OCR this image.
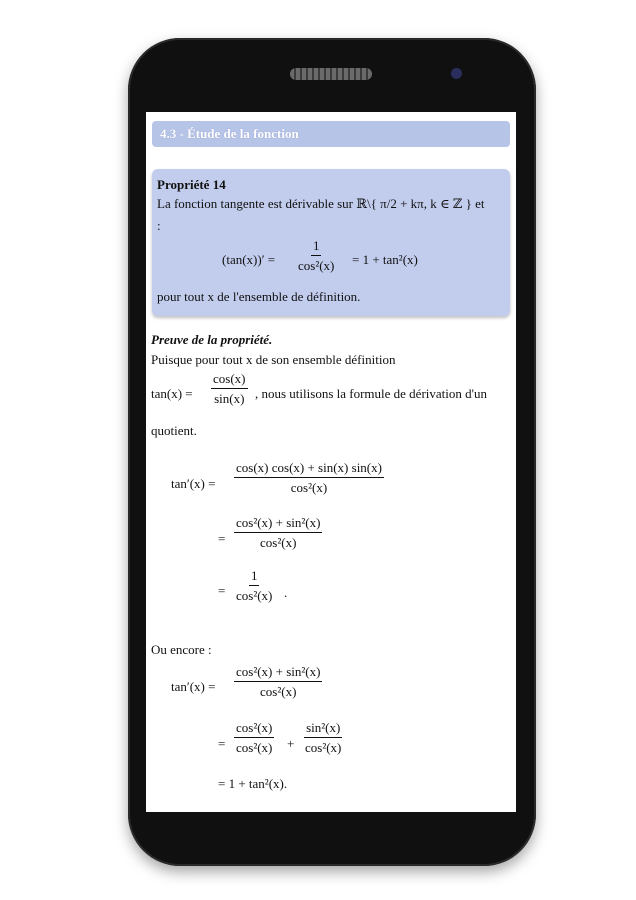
4.3 - Étude de la fonction
Propriété 14
La fonction tangente est dérivable sur ℝ\{ π/2 + kπ, k ∈ ℤ } et
:
$(\tan(x))' = \frac{1}{\text{cos²(x)}} = 1 + \tan^2(x)$
pour tout x de l'ensemble de définition.
Preuve de la propriété.
Puisque pour tout x de son ensemble définition
$\tan(x) = \frac{\cos(x)}{\sin(x)}$ , nous utilisons la formule de dérivation d'un
quotient.
$\tan'(x) = \frac{\cos(x) \cos(x) + \sin(x) \sin(x)}{\text{cos²(x)}}$
= $\frac{\text{cos²(x) + sin²(x)}}{\text{cos²(x)}}$
= $\frac{1}{\text{cos²(x)}}$ .
Ou encore :
$\tan'(x) = \frac{\text{cos²(x) + sin²(x)}}{\text{cos²(x)}}$
= $\frac{\text{cos²(x)}}{\text{cos²(x)}} + \frac{\text{sin²(x)}}{\text{cos²(x)}}$
= 1 + tan²(x).
